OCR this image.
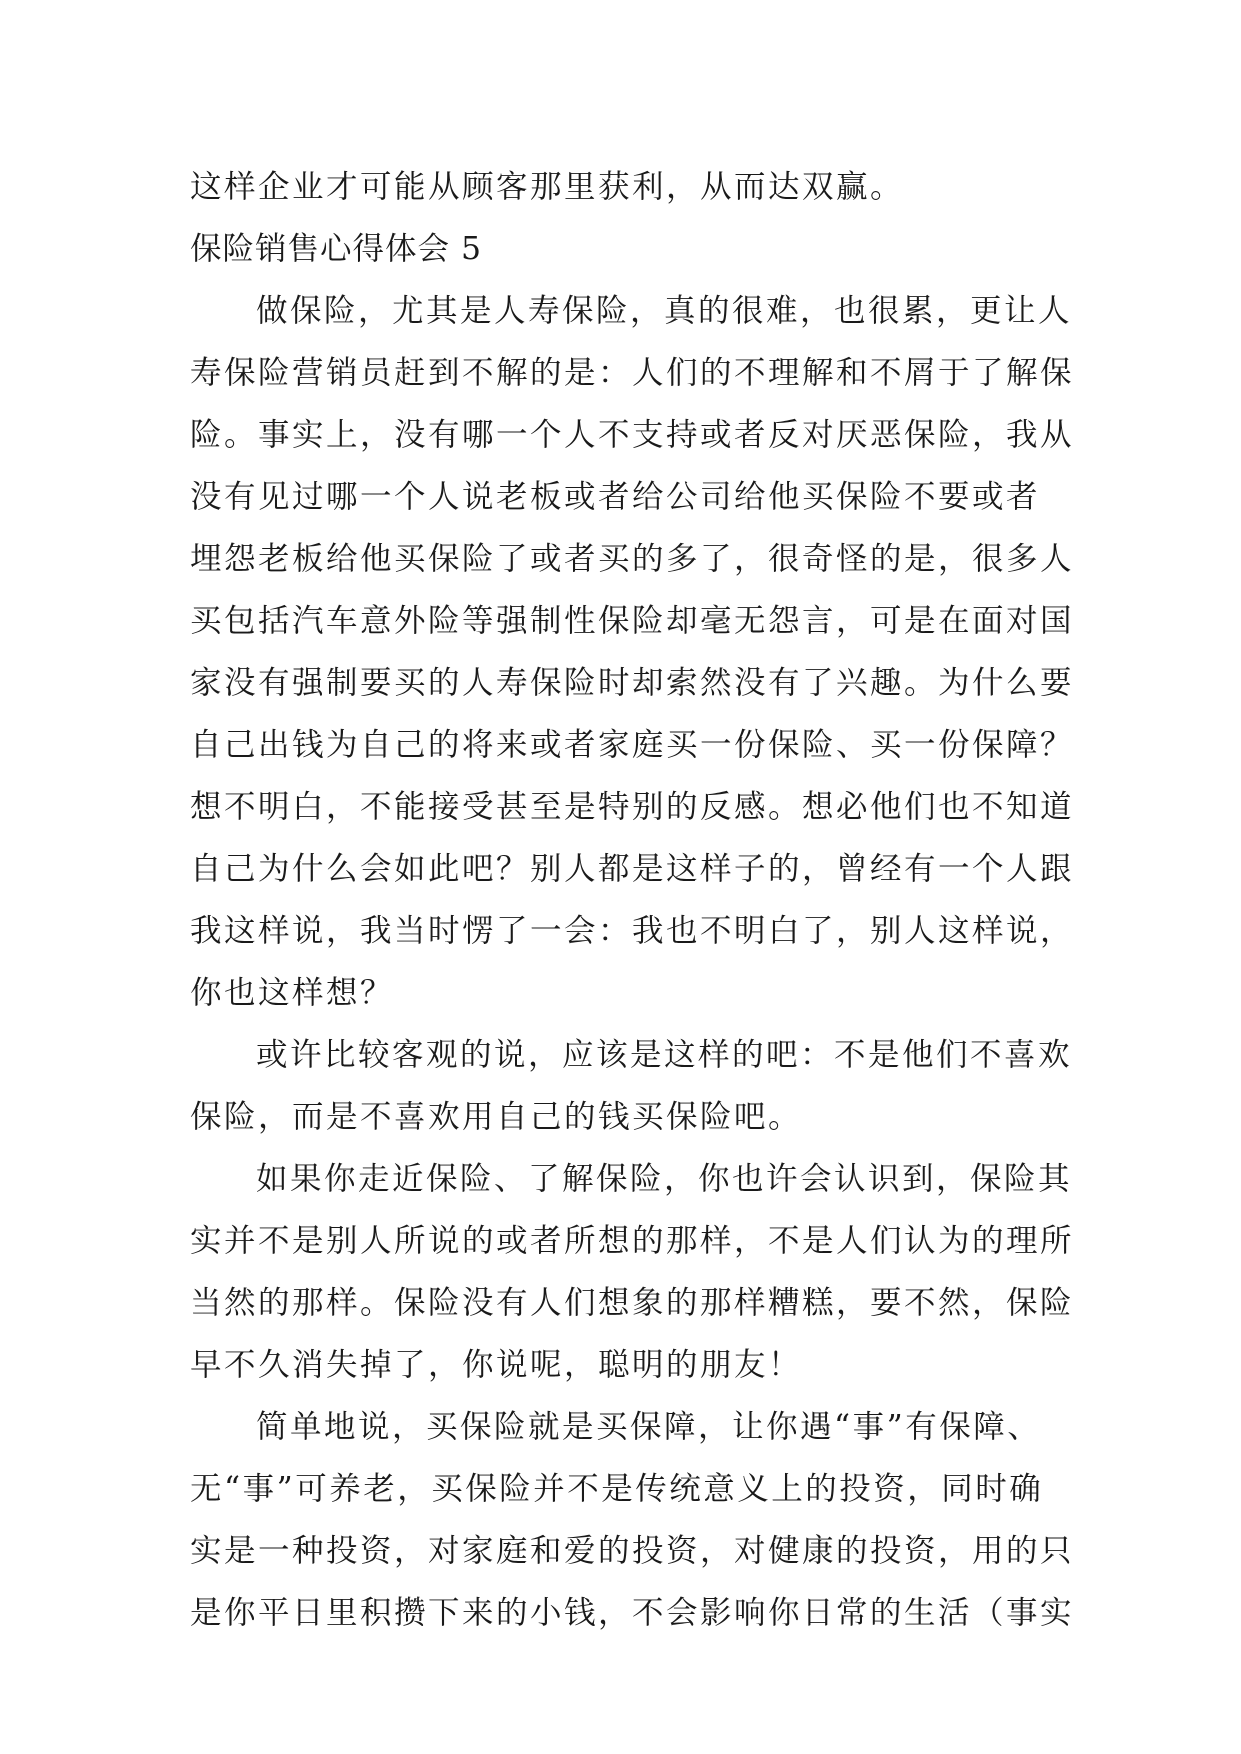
这样企业才可能从顾客那里获利，从而达双赢。
保险销售心得体会 5
做保险，尤其是人寿保险，真的很难，也很累，更让人
寿保险营销员赶到不解的是：人们的不理解和不屑于了解保
险。事实上，没有哪一个人不支持或者反对厌恶保险，我从
没有见过哪一个人说老板或者给公司给他买保险不要或者
埋怨老板给他买保险了或者买的多了，很奇怪的是，很多人
买包括汽车意外险等强制性保险却毫无怨言，可是在面对国
家没有强制要买的人寿保险时却索然没有了兴趣。为什么要
自己出钱为自己的将来或者家庭买一份保险、买一份保障？
想不明白，不能接受甚至是特别的反感。想必他们也不知道
自己为什么会如此吧？别人都是这样子的，曾经有一个人跟
我这样说，我当时愣了一会：我也不明白了，别人这样说，
你也这样想？
或许比较客观的说，应该是这样的吧：不是他们不喜欢
保险，而是不喜欢用自己的钱买保险吧。
如果你走近保险、了解保险，你也许会认识到，保险其
实并不是别人所说的或者所想的那样，不是人们认为的理所
当然的那样。保险没有人们想象的那样糟糕，要不然，保险
早不久消失掉了，你说呢，聪明的朋友！
简单地说，买保险就是买保障，让你遇“事”有保障、
无“事”可养老，买保险并不是传统意义上的投资，同时确
实是一种投资，对家庭和爱的投资，对健康的投资，用的只
是你平日里积攒下来的小钱，不会影响你日常的生活（事实
